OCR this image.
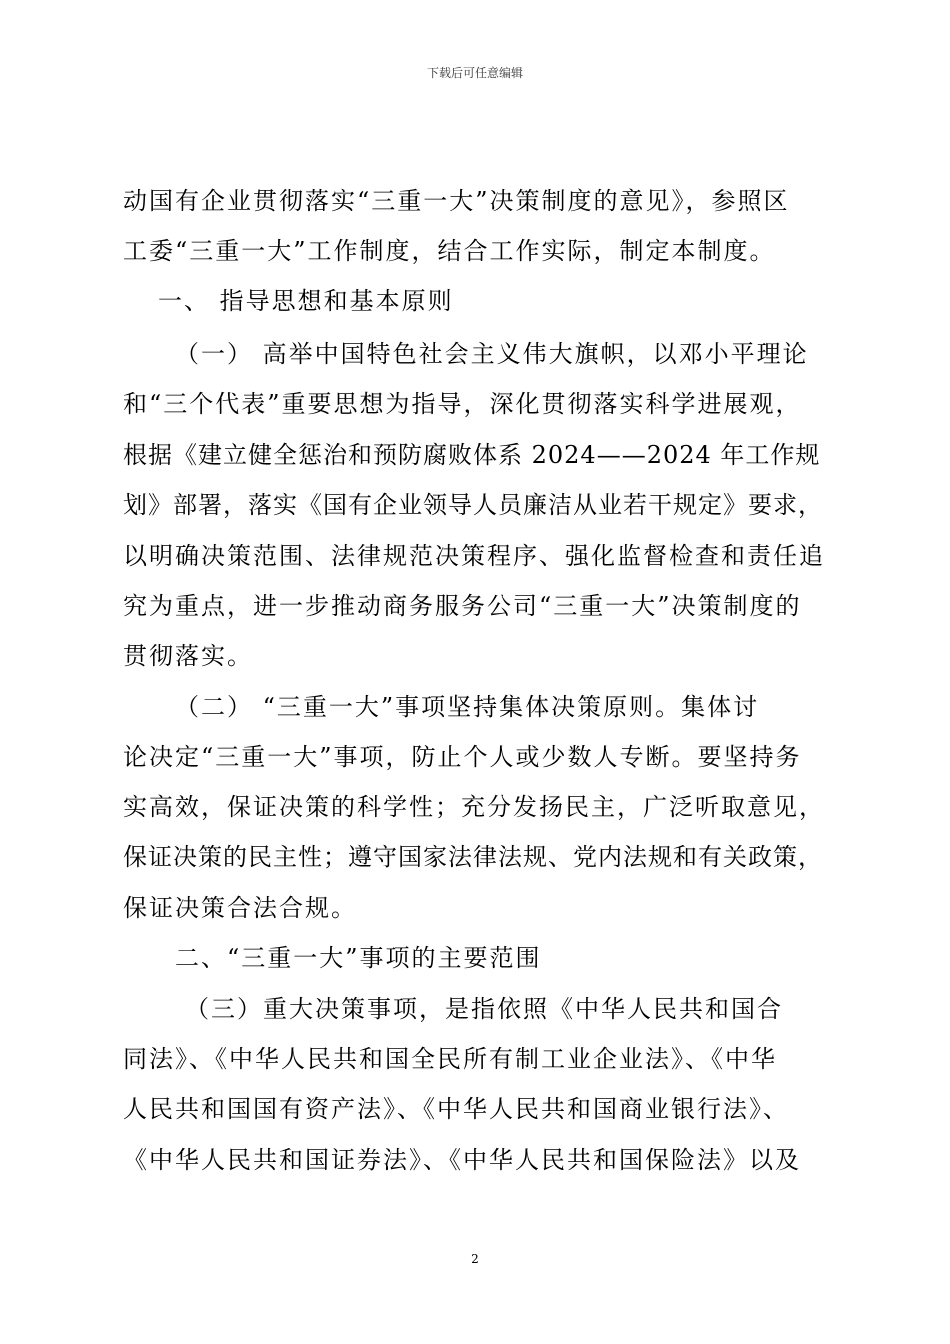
下载后可任意编辑
动国有企业贯彻落实“三重一大”决策制度的意见》，参照区
工委“三重一大”工作制度，结合工作实际，制定本制度。
一、 指导思想和基本原则
（一） 高举中国特色社会主义伟大旗帜，以邓小平理论
和“三个代表”重要思想为指导，深化贯彻落实科学进展观，
根据《建立健全惩治和预防腐败体系 2024——2024 年工作规
划》部署，落实《国有企业领导人员廉洁从业若干规定》要求，
以明确决策范围、法律规范决策程序、强化监督检查和责任追
究为重点，进一步推动商务服务公司“三重一大”决策制度的
贯彻落实。
（二） “三重一大”事项坚持集体决策原则。集体讨
论决定“三重一大”事项，防止个人或少数人专断。要坚持务
实高效，保证决策的科学性；充分发扬民主，广泛听取意见，
保证决策的民主性；遵守国家法律法规、党内法规和有关政策，
保证决策合法合规。
二、“三重一大”事项的主要范围
（三）重大决策事项，是指依照《中华人民共和国合
同法》、《中华人民共和国全民所有制工业企业法》、《中华
人民共和国国有资产法》、《中华人民共和国商业银行法》、
《中华人民共和国证券法》、《中华人民共和国保险法》以及
2
